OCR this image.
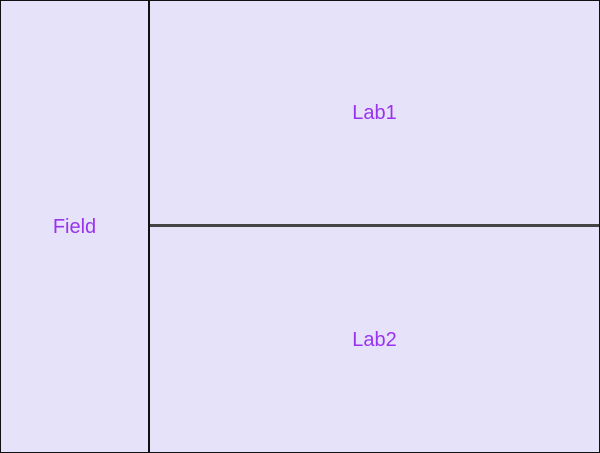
Field
Lab1
Lab2
